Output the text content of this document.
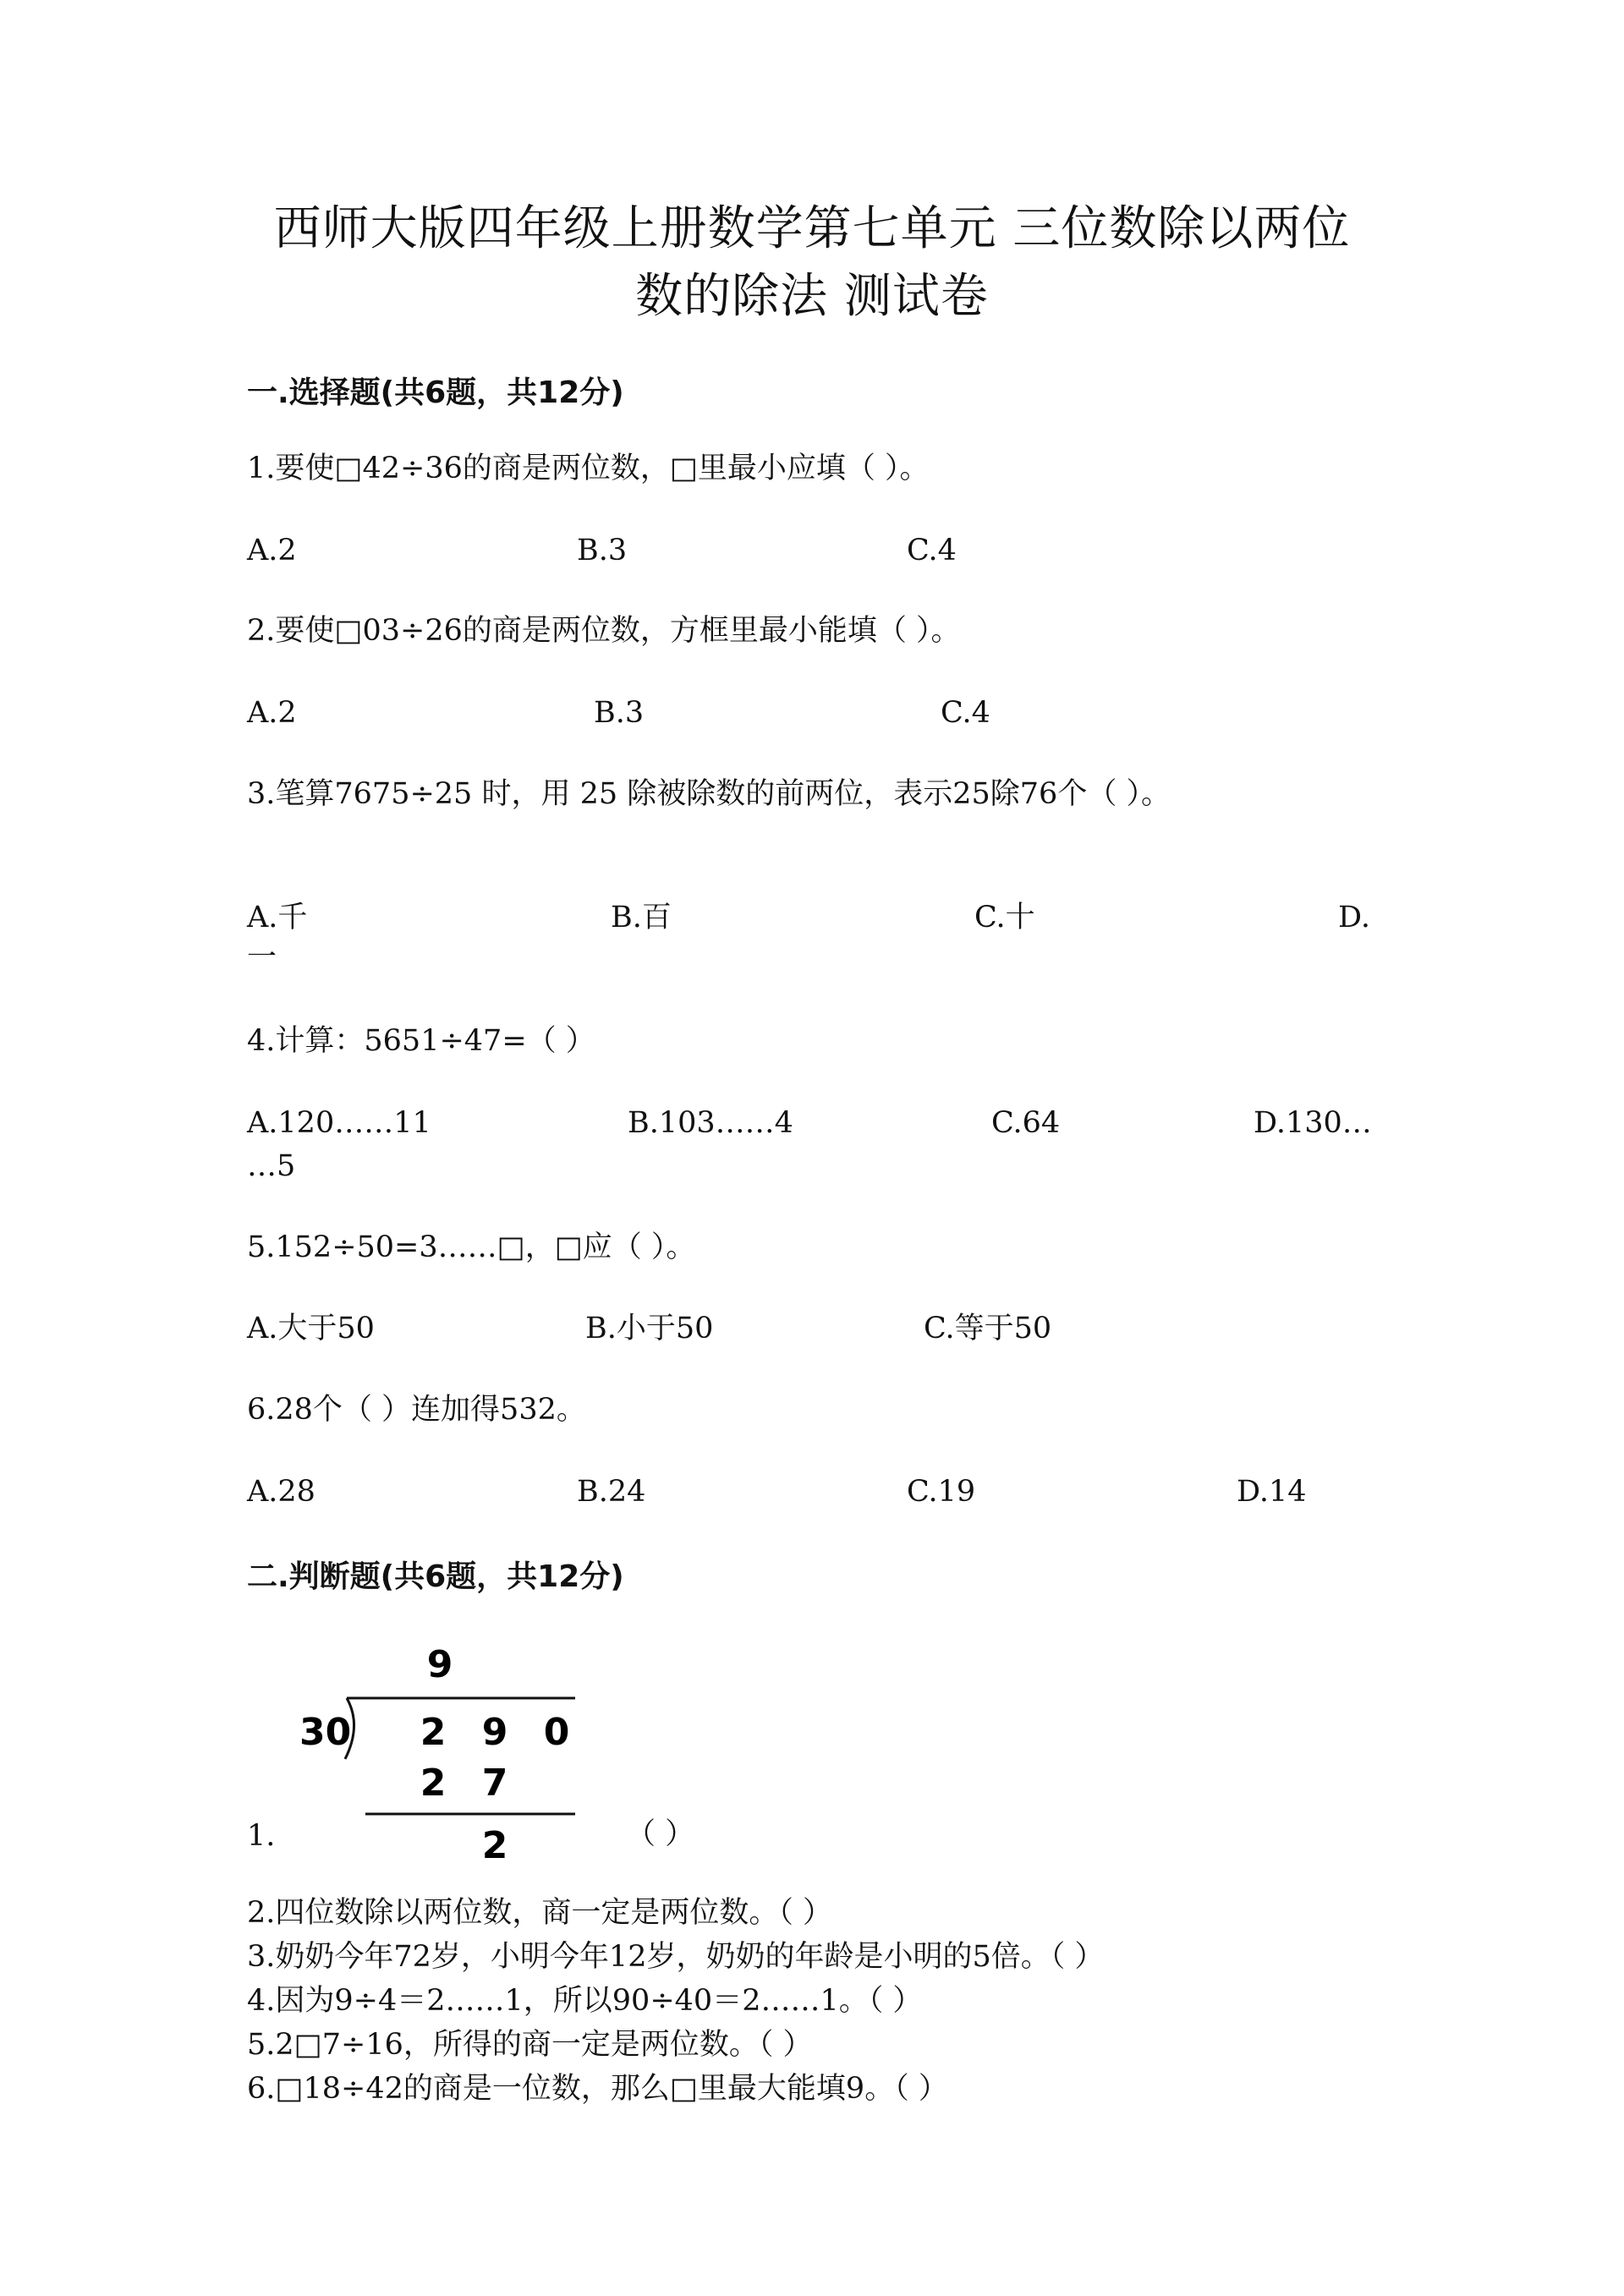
西师大版四年级上册数学第七单元 三位数除以两位
数的除法 测试卷
一.选择题(共6题，共12分)
1.要使□42÷36的商是两位数，□里最小应填（ ）。
A.2	B.3	C.4
2.要使□03÷26的商是两位数，方框里最小能填（ ）。
A.2	B.3	C.4
3.笔算7675÷25 时，用 25 除被除数的前两位，表示25除76个（ ）。
A.千	B.百	C.十	D.
一
4.计算：5651÷47=（ ）
A.120……11	B.103……4	C.64	D.130…
…5
5.152÷50=3……□，□应（ ）。
A.大于50	B.小于50	C.等于50
6.28个（ ）连加得532。
A.28	B.24	C.19	D.14
二.判断题(共6题，共12分)
9
30 2 9 0
2 7
2
1.	（ ）
2.四位数除以两位数，商一定是两位数。（ ）
3.奶奶今年72岁，小明今年12岁，奶奶的年龄是小明的5倍。（ ）
4.因为9÷4＝2……1，所以90÷40＝2……1。（ ）
5.2□7÷16，所得的商一定是两位数。（ ）
6.□18÷42的商是一位数，那么□里最大能填9。（ ）
